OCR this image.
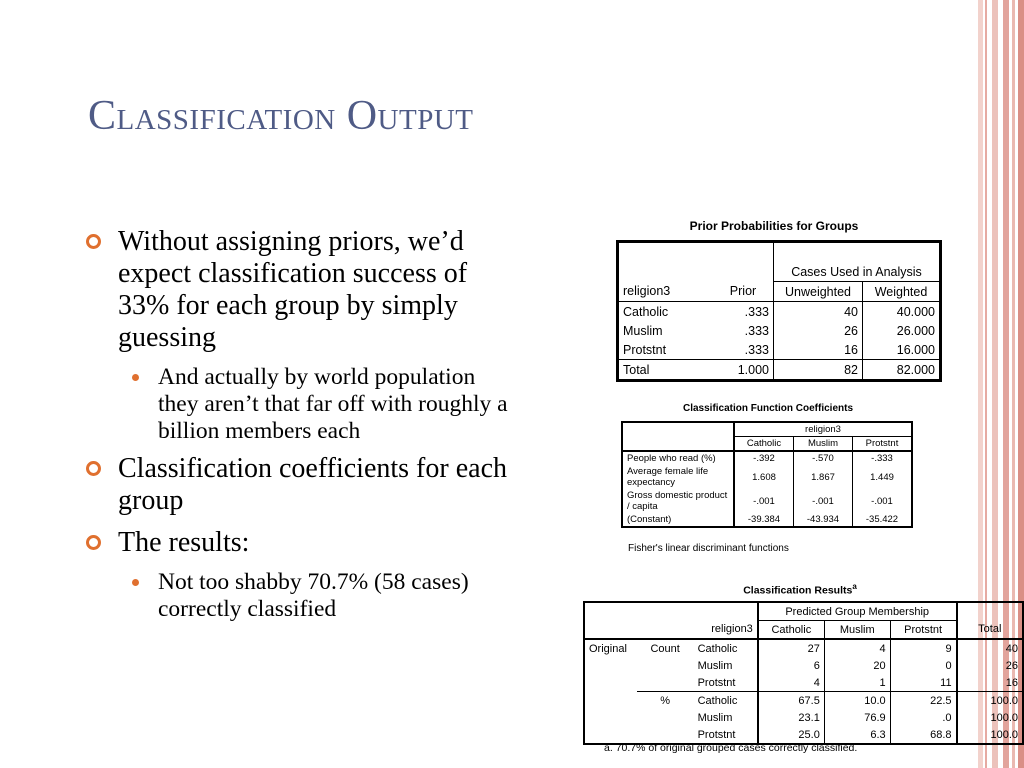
Classification Output
Without assigning priors, we’d expect classification success of 33% for each group by simply guessing
And actually by world population they aren’t that far off with roughly a billion members each
Classification coefficients for each group
The results:
Not too shabby 70.7% (58 cases) correctly classified
Prior Probabilities for Groups

		Cases Used in Analysis	
religion3	Prior	Unweighted	Weighted
Catholic	.333	40	40.000
Muslim	.333	26	26.000
Protstnt	.333	16	16.000
Total	1.000	82	82.000
Classification Function Coefficients
	religion3		
	Catholic	Muslim	Protstnt
People who read (%)	-.392	-.570	-.333
Average female life expectancy	1.608	1.867	1.449
Gross domestic product / capita	-.001	-.001	-.001
(Constant)	-39.384	-43.934	-35.422
Fisher's linear discriminant functions
Classification Results$^a$
			Predicted Group Membership			
		religion3	Catholic	Muslim	Protstnt	Total
Original	Count	Catholic	27	4	9	40
		Muslim	6	20	0	26
		Protstnt	4	1	11	16
	%	Catholic	67.5	10.0	22.5	100.0
		Muslim	23.1	76.9	.0	100.0
		Protstnt	25.0	6.3	68.8	100.0
a. 70.7% of original grouped cases correctly classified.
